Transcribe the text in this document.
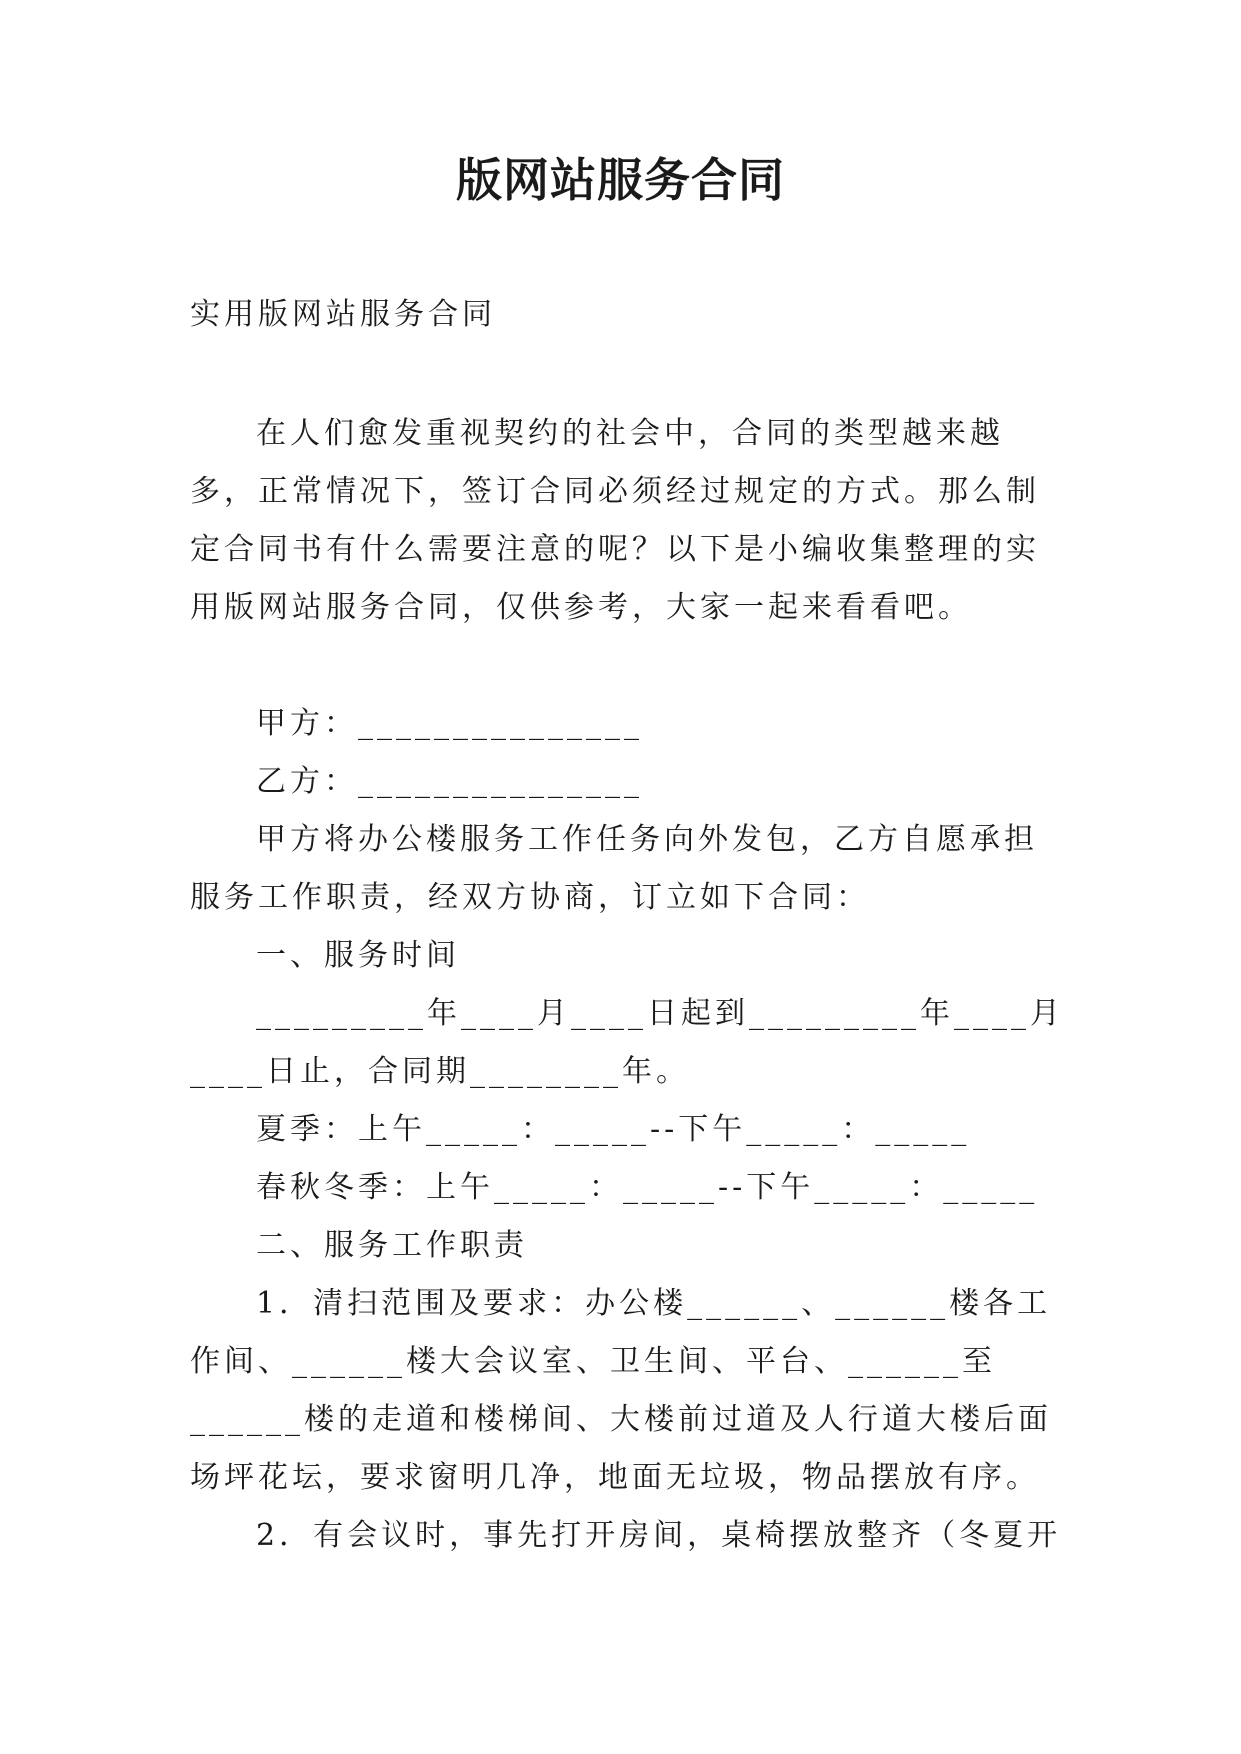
版网站服务合同
实用版网站服务合同

在人们愈发重视契约的社会中，合同的类型越来越多，正常情况下，签订合同必须经过规定的方式。那么制定合同书有什么需要注意的呢？以下是小编收集整理的实用版网站服务合同，仅供参考，大家一起来看看吧。

甲方：_______________

乙方：_______________

甲方将办公楼服务工作任务向外发包，乙方自愿承担服务工作职责，经双方协商，订立如下合同：

一、服务时间

_________年____月____日起到_________年____月____日止，合同期________年。

夏季：上午_____：_____--下午_____：_____

春秋冬季：上午_____：_____--下午_____：_____

二、服务工作职责

1．清扫范围及要求：办公楼______、______楼各工作间、______楼大会议室、卫生间、平台、______至______楼的走道和楼梯间、大楼前过道及人行道大楼后面场坪花坛，要求窗明几净，地面无垃圾，物品摆放有序。

2．有会议时，事先打开房间，桌椅摆放整齐（冬夏开
